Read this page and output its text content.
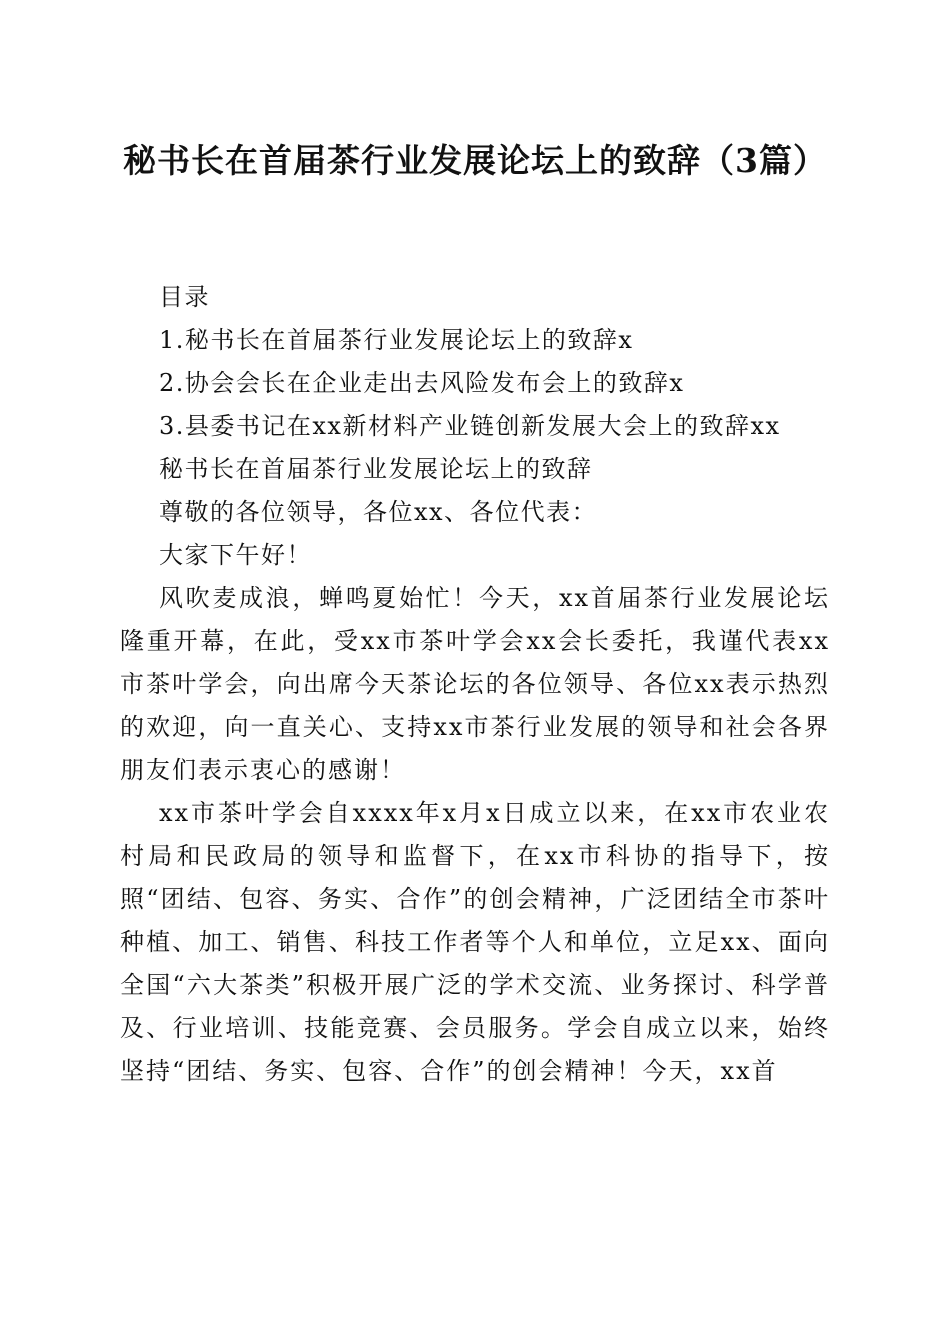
秘书长在首届茶行业发展论坛上的致辞（3篇）
目录
1.秘书长在首届茶行业发展论坛上的致辞x
2.协会会长在企业走出去风险发布会上的致辞x
3.县委书记在xx新材料产业链创新发展大会上的致辞xx
秘书长在首届茶行业发展论坛上的致辞
尊敬的各位领导，各位xx、各位代表：
大家下午好！
风吹麦成浪，蝉鸣夏始忙！今天，xx首届茶行业发展论坛隆重开幕，在此，受xx市茶叶学会xx会长委托，我谨代表xx市茶叶学会，向出席今天茶论坛的各位领导、各位xx表示热烈的欢迎，向一直关心、支持xx市茶行业发展的领导和社会各界朋友们表示衷心的感谢！
xx市茶叶学会自xxxx年x月x日成立以来，在xx市农业农村局和民政局的领导和监督下，在xx市科协的指导下，按照“团结、包容、务实、合作”的创会精神，广泛团结全市茶叶种植、加工、销售、科技工作者等个人和单位，立足xx、面向全国“六大茶类”积极开展广泛的学术交流、业务探讨、科学普及、行业培训、技能竞赛、会员服务。学会自成立以来，始终坚持“团结、务实、包容、合作”的创会精神！今天，xx首
